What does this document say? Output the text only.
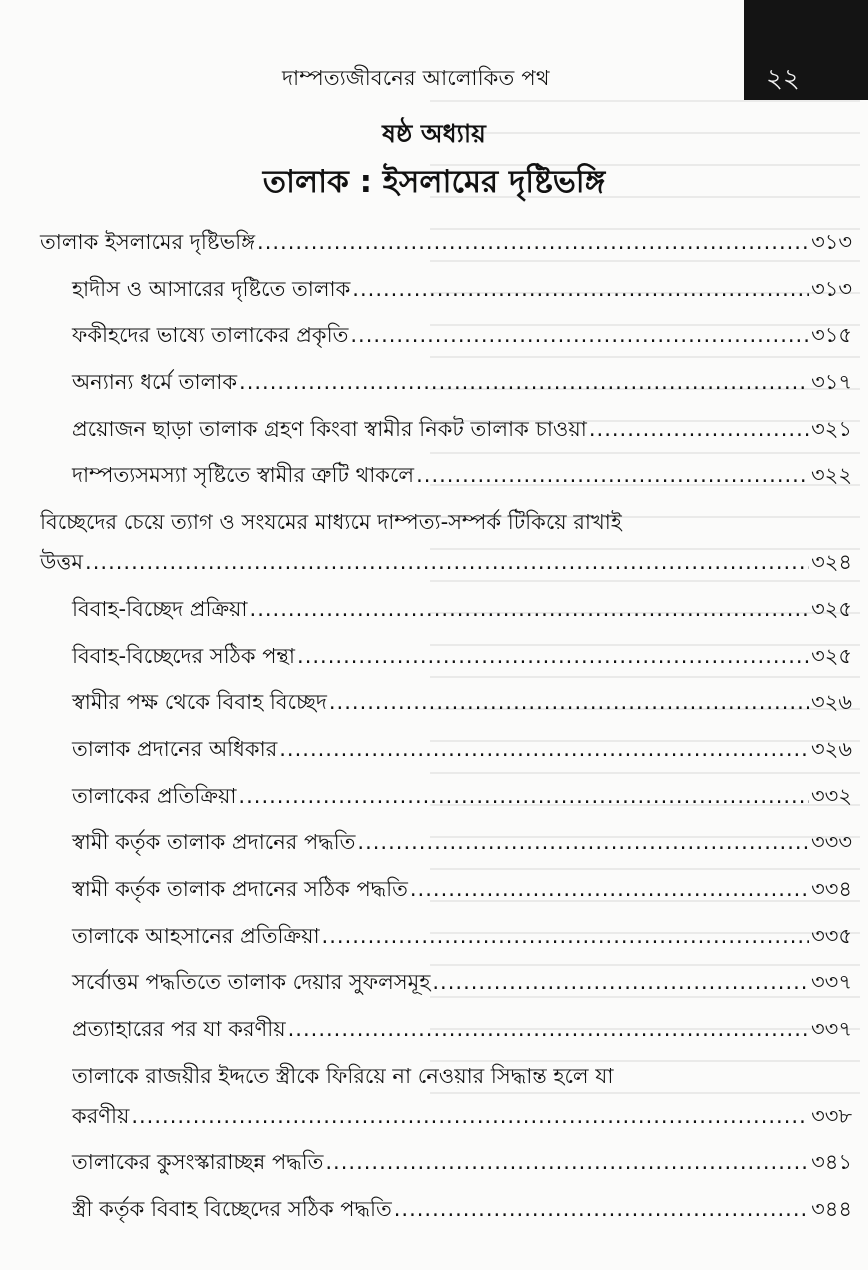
দাম্পত্যজীবনের আলোকিত পথ	২২
ষষ্ঠ অধ্যায়
তালাক : ইসলামের দৃষ্টিভঙ্গি
তালাক ইসলামের দৃষ্টিভঙ্গি .....	৩১৩
হাদীস ও আসারের দৃষ্টিতে তালাক .....	৩১৩
ফকীহদের ভাষ্যে তালাকের প্রকৃতি .....	৩১৫
অন্যান্য ধর্মে তালাক .....	৩১৭
প্রয়োজন ছাড়া তালাক গ্রহণ কিংবা স্বামীর নিকট তালাক চাওয়া .....	৩২১
দাম্পত্যসমস্যা সৃষ্টিতে স্বামীর ত্রুটি থাকলে .....	৩২২
বিচ্ছেদের চেয়ে ত্যাগ ও সংযমের মাধ্যমে দাম্পত্য-সম্পর্ক টিকিয়ে রাখাই
উত্তম .....	৩২৪
বিবাহ-বিচ্ছেদ প্রক্রিয়া .....	৩২৫
বিবাহ-বিচ্ছেদের সঠিক পন্থা .....	৩২৫
স্বামীর পক্ষ থেকে বিবাহ বিচ্ছেদ .....	৩২৬
তালাক প্রদানের অধিকার .....	৩২৬
তালাকের প্রতিক্রিয়া .....	৩৩২
স্বামী কর্তৃক তালাক প্রদানের পদ্ধতি .....	৩৩৩
স্বামী কর্তৃক তালাক প্রদানের সঠিক পদ্ধতি .....	৩৩৪
তালাকে আহসানের প্রতিক্রিয়া .....	৩৩৫
সর্বোত্তম পদ্ধতিতে তালাক দেয়ার সুফলসমূহ .....	৩৩৭
প্রত্যাহারের পর যা করণীয় .....	৩৩৭
তালাকে রাজয়ীর ইদ্দতে স্ত্রীকে ফিরিয়ে না নেওয়ার সিদ্ধান্ত হলে যা
করণীয় .....	৩৩৮
তালাকের কুসংস্কারাচ্ছন্ন পদ্ধতি .....	৩৪১
স্ত্রী কর্তৃক বিবাহ বিচ্ছেদের সঠিক পদ্ধতি .....	৩৪৪
